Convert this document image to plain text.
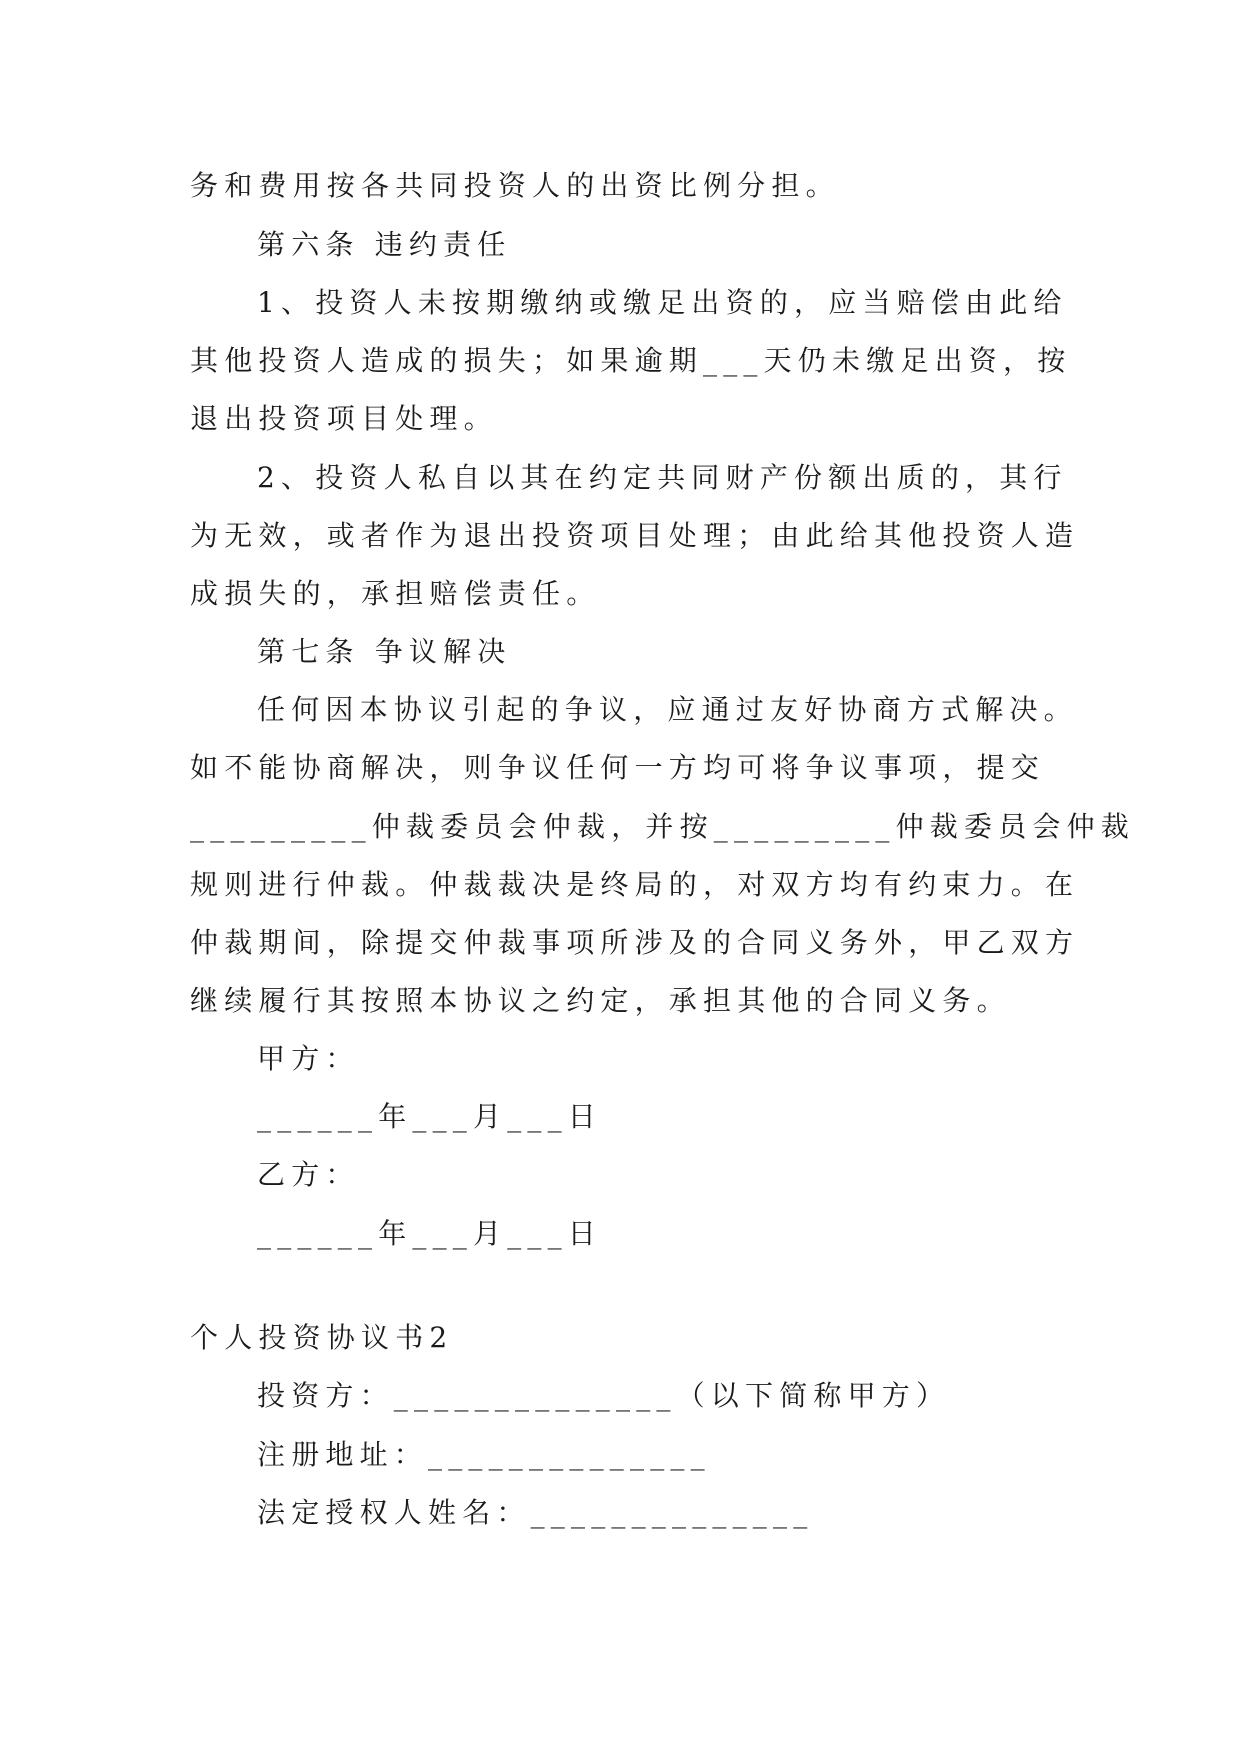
务和费用按各共同投资人的出资比例分担。
第六条 违约责任
1、投资人未按期缴纳或缴足出资的，应当赔偿由此给
其他投资人造成的损失；如果逾期___天仍未缴足出资，按
退出投资项目处理。
2、投资人私自以其在约定共同财产份额出质的，其行
为无效，或者作为退出投资项目处理；由此给其他投资人造
成损失的，承担赔偿责任。
第七条 争议解决
任何因本协议引起的争议，应通过友好协商方式解决。
如不能协商解决，则争议任何一方均可将争议事项，提交
_________仲裁委员会仲裁，并按_________仲裁委员会仲裁
规则进行仲裁。仲裁裁决是终局的，对双方均有约束力。在
仲裁期间，除提交仲裁事项所涉及的合同义务外，甲乙双方
继续履行其按照本协议之约定，承担其他的合同义务。
甲方：
______年___月___日
乙方：
______年___月___日
个人投资协议书2
投资方：______________（以下简称甲方）
注册地址：______________
法定授权人姓名：______________
